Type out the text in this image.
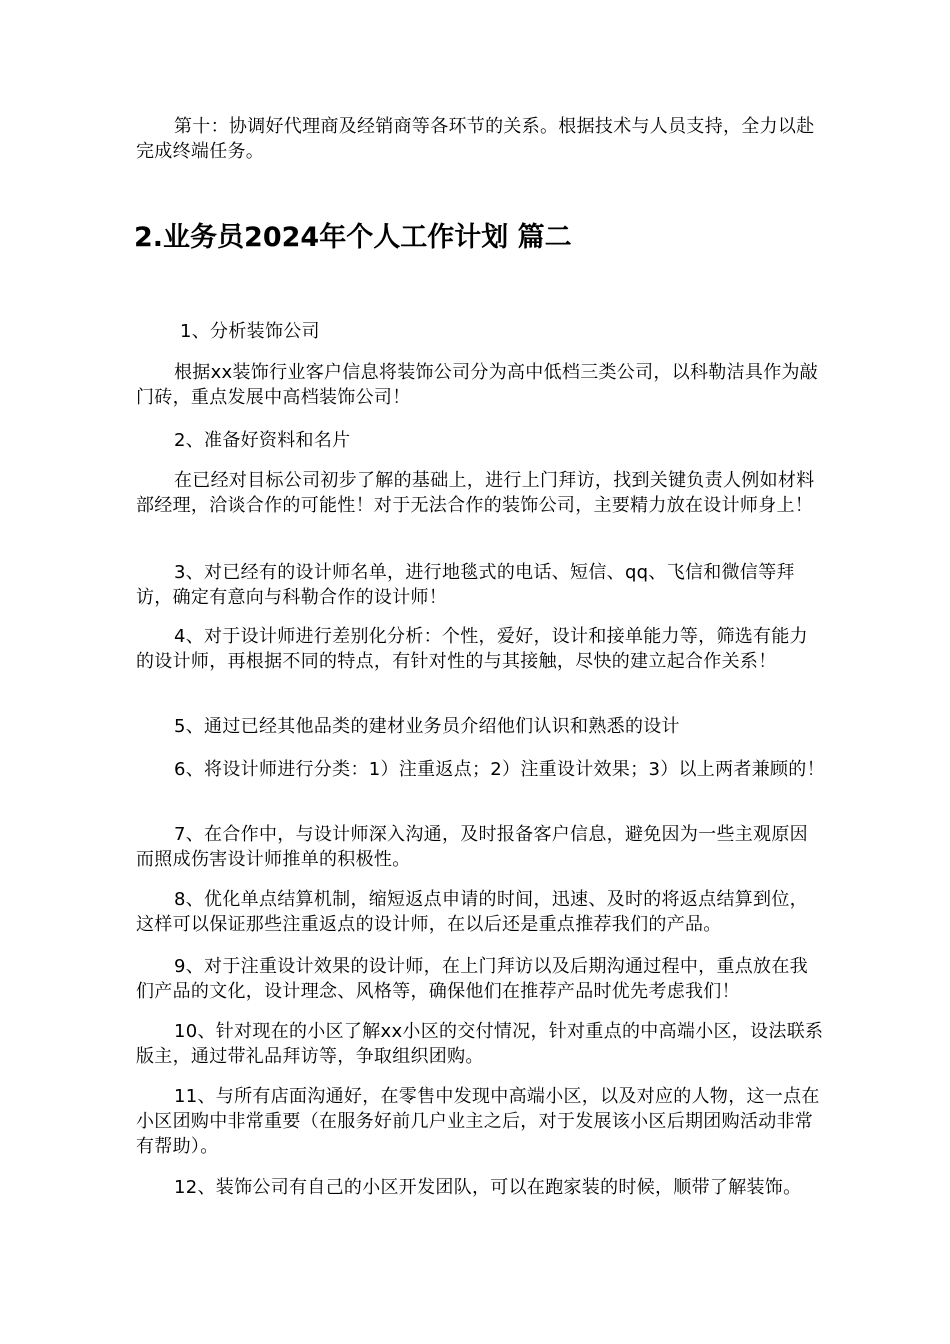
第十：协调好代理商及经销商等各环节的关系。根据技术与人员支持，全力以赴完成终端任务。

2.业务员2024年个人工作计划 篇二

1、分析装饰公司

根据xx装饰行业客户信息将装饰公司分为高中低档三类公司，以科勒洁具作为敲门砖，重点发展中高档装饰公司！

2、准备好资料和名片

在已经对目标公司初步了解的基础上，进行上门拜访，找到关键负责人例如材料部经理，洽谈合作的可能性！对于无法合作的装饰公司，主要精力放在设计师身上！

3、对已经有的设计师名单，进行地毯式的电话、短信、qq、飞信和微信等拜访，确定有意向与科勒合作的设计师！

4、对于设计师进行差别化分析：个性，爱好，设计和接单能力等，筛选有能力的设计师，再根据不同的特点，有针对性的与其接触，尽快的建立起合作关系！

5、通过已经其他品类的建材业务员介绍他们认识和熟悉的设计

6、将设计师进行分类：1）注重返点；2）注重设计效果；3）以上两者兼顾的！

7、在合作中，与设计师深入沟通，及时报备客户信息，避免因为一些主观原因而照成伤害设计师推单的积极性。

8、优化单点结算机制，缩短返点申请的时间，迅速、及时的将返点结算到位，这样可以保证那些注重返点的设计师，在以后还是重点推荐我们的产品。

9、对于注重设计效果的设计师，在上门拜访以及后期沟通过程中，重点放在我们产品的文化，设计理念、风格等，确保他们在推荐产品时优先考虑我们！

10、针对现在的小区了解xx小区的交付情况，针对重点的中高端小区，设法联系版主，通过带礼品拜访等，争取组织团购。

11、与所有店面沟通好，在零售中发现中高端小区，以及对应的人物，这一点在小区团购中非常重要（在服务好前几户业主之后，对于发展该小区后期团购活动非常有帮助）。

12、装饰公司有自己的小区开发团队，可以在跑家装的时候，顺带了解装饰。
